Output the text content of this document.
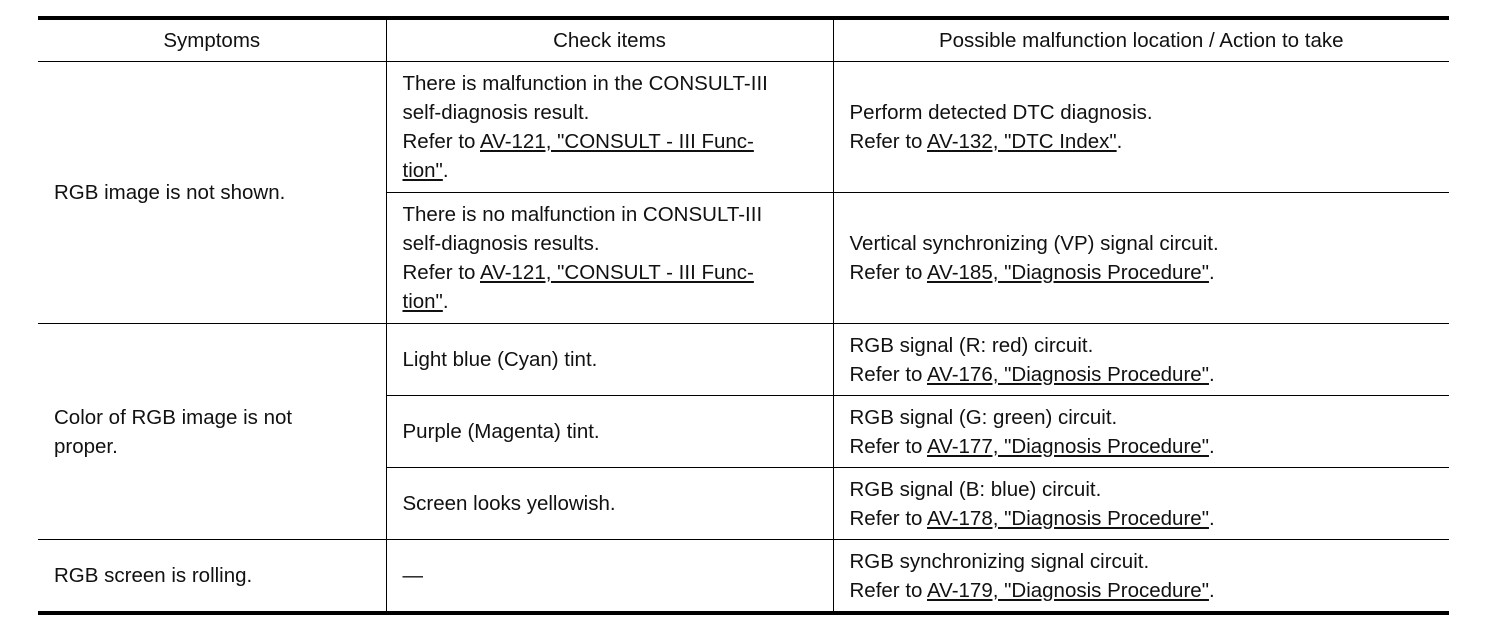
Symptoms	Check items	Possible malfunction location / Action to take
RGB image is not shown.	There is malfunction in the CONSULT-III
self-diagnosis result.
Refer to AV-121, "CONSULT - III Func-
tion".	Perform detected DTC diagnosis.
Refer to AV-132, "DTC Index".

	There is no malfunction in CONSULT-III
self-diagnosis results.
Refer to AV-121, "CONSULT - III Func-
tion".	Vertical synchronizing (VP) signal circuit.
Refer to AV-185, "Diagnosis Procedure".

Color of RGB image is not
proper.	Light blue (Cyan) tint.	RGB signal (R: red) circuit.
Refer to AV-176, "Diagnosis Procedure".

	Purple (Magenta) tint.	RGB signal (G: green) circuit.
Refer to AV-177, "Diagnosis Procedure".

	Screen looks yellowish.	RGB signal (B: blue) circuit.
Refer to AV-178, "Diagnosis Procedure".

RGB screen is rolling.	—	RGB synchronizing signal circuit.
Refer to AV-179, "Diagnosis Procedure".
